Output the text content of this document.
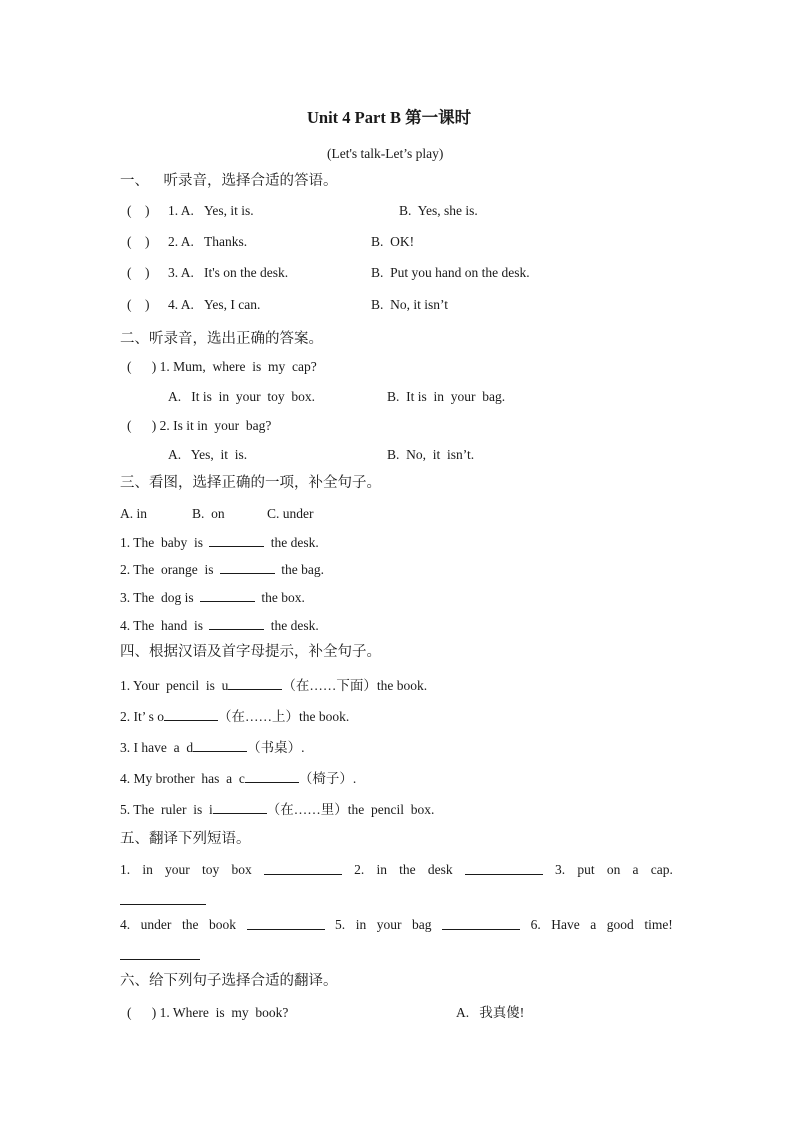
Unit 4 Part B 第一课时
(Let's talk-Let’s play)
一、    听录音，选择合适的答语。
(    ) 1. A. Yes, it is.	B.  Yes, she is.
(    ) 2. A. Thanks.	B.  OK!
(    ) 3. A. It's on the desk.	B.  Put you hand on the desk.
(    ) 4. A. Yes, I can.	B.  No, it isn’t
二、听录音，选出正确的答案。
(      ) 1. Mum,  where  is  my  cap?
A.   It is  in  your  toy  box.	B.  It is  in  your  bag.
(      ) 2. Is it in  your  bag?
A.   Yes,  it  is.	B.  No,  it  isn’t.
三、看图，选择正确的一项，补全句子。
A. in	B.  on	C. under
1. The  baby  is	the desk.
2. The  orange  is	the bag.
3. The  dog is	the box.
4. The  hand  is	the desk.
四、根据汉语及首字母提示，补全句子。
1. Your  pencil  is  u	（在……下面）the book.
2. It’ s o	（在……上）the book.
3. I have  a  d	（书桌）.
4. My brother  has  a  c	（椅子）.
5. The  ruler  is  i	（在……里）the  pencil  box.
五、翻译下列短语。
1. in your toy box	2. in the desk	3. put on a cap.
4. under the book	5. in your bag	6. Have a good time!
六、给下列句子选择合适的翻译。
(      ) 1. Where  is  my  book?	A.   我真傻!
